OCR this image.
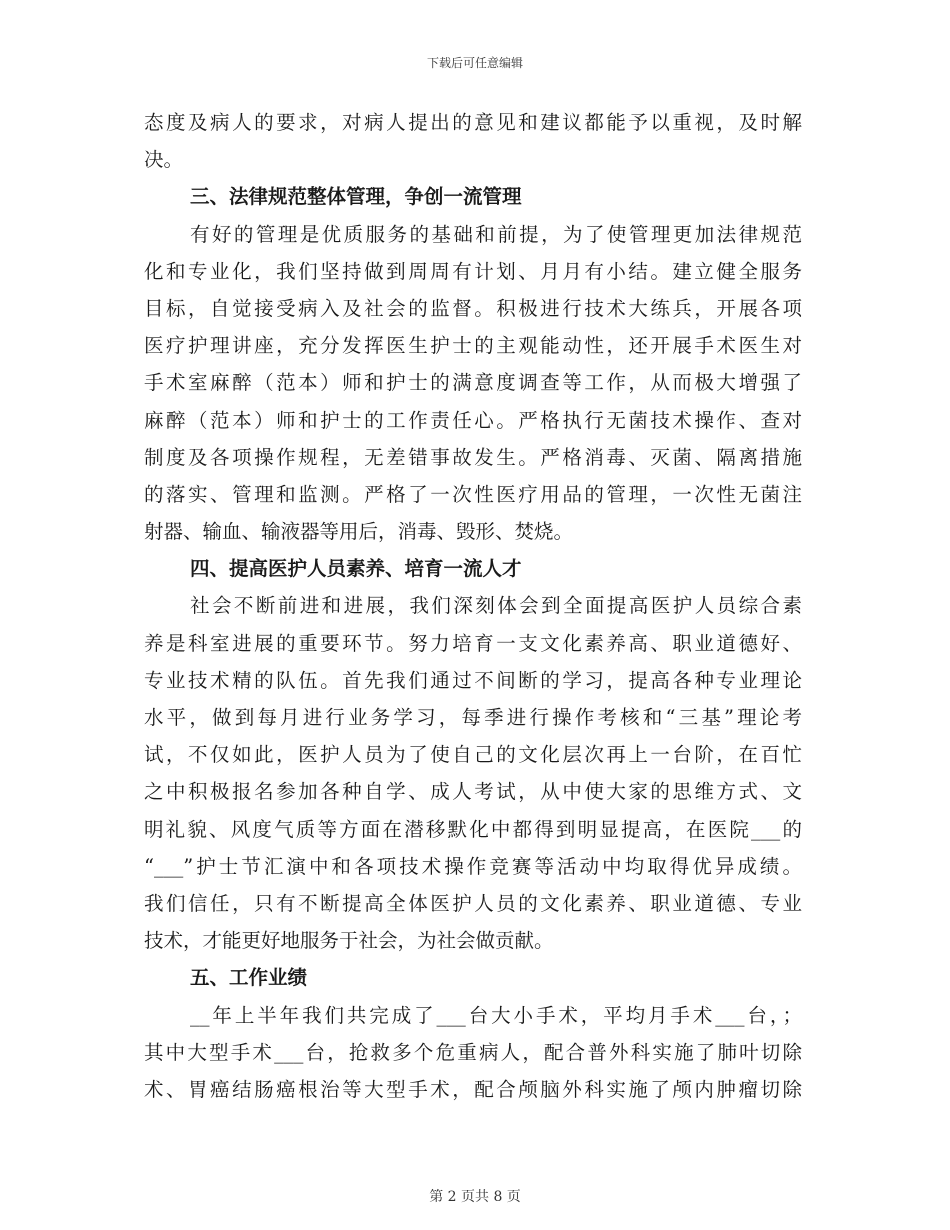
下载后可任意编辑
态度及病人的要求，对病人提出的意见和建议都能予以重视，及时解
决。
三、法律规范整体管理，争创一流管理
有好的管理是优质服务的基础和前提，为了使管理更加法律规范
化和专业化，我们坚持做到周周有计划、月月有小结。建立健全服务
目标，自觉接受病入及社会的监督。积极进行技术大练兵，开展各项
医疗护理讲座，充分发挥医生护士的主观能动性，还开展手术医生对
手术室麻醉（范本）师和护士的满意度调查等工作，从而极大增强了
麻醉（范本）师和护士的工作责任心。严格执行无菌技术操作、查对
制度及各项操作规程，无差错事故发生。严格消毒、灭菌、隔离措施
的落实、管理和监测。严格了一次性医疗用品的管理，一次性无菌注
射器、输血、输液器等用后，消毒、毁形、焚烧。
四、提高医护人员素养、培育一流人才
社会不断前进和进展，我们深刻体会到全面提高医护人员综合素
养是科室进展的重要环节。努力培育一支文化素养高、职业道德好、
专业技术精的队伍。首先我们通过不间断的学习，提高各种专业理论
水平，做到每月进行业务学习，每季进行操作考核和“三基”理论考
试，不仅如此，医护人员为了使自己的文化层次再上一台阶，在百忙
之中积极报名参加各种自学、成人考试，从中使大家的思维方式、文
明礼貌、风度气质等方面在潜移默化中都得到明显提高，在医院___的
“___”护士节汇演中和各项技术操作竞赛等活动中均取得优异成绩。
我们信任，只有不断提高全体医护人员的文化素养、职业道德、专业
技术，才能更好地服务于社会，为社会做贡献。
五、工作业绩
__年上半年我们共完成了___台大小手术，平均月手术___台，；
其中大型手术___台，抢救多个危重病人，配合普外科实施了肺叶切除
术、胃癌结肠癌根治等大型手术，配合颅脑外科实施了颅内肿瘤切除
第 2 页共 8 页
